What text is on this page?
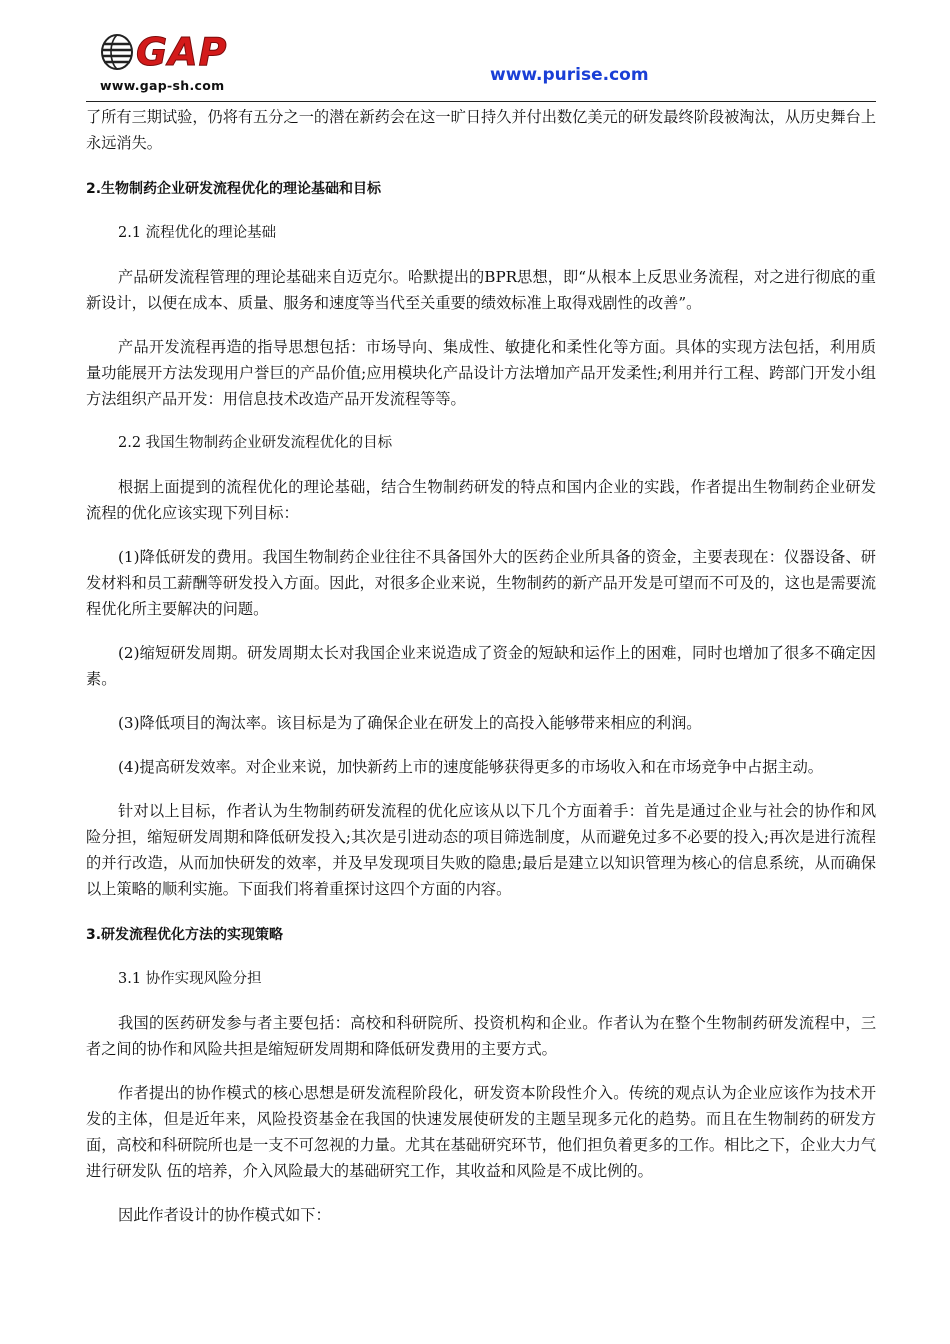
GAP
www.gap-sh.com
www.purise.com

了所有三期试验，仍将有五分之一的潜在新药会在这一旷日持久并付出数亿美元的研发最终阶段被淘汰，从历史舞台上永远消失。

2.生物制药企业研发流程优化的理论基础和目标

2.1 流程优化的理论基础

产品研发流程管理的理论基础来自迈克尔。哈默提出的BPR思想，即“从根本上反思业务流程，对之进行彻底的重新设计，以便在成本、质量、服务和速度等当代至关重要的绩效标准上取得戏剧性的改善”。

产品开发流程再造的指导思想包括：市场导向、集成性、敏捷化和柔性化等方面。具体的实现方法包括，利用质量功能展开方法发现用户誉巨的产品价值;应用模块化产品设计方法增加产品开发柔性;利用并行工程、跨部门开发小组方法组织产品开发：用信息技术改造产品开发流程等等。

2.2 我国生物制药企业研发流程优化的目标

根据上面提到的流程优化的理论基础，结合生物制药研发的特点和国内企业的实践，作者提出生物制药企业研发流程的优化应该实现下列目标：

(1)降低研发的费用。我国生物制药企业往往不具备国外大的医药企业所具备的资金，主要表现在：仪器设备、研发材料和员工薪酬等研发投入方面。因此，对很多企业来说，生物制药的新产品开发是可望而不可及的，这也是需要流程优化所主要解决的问题。

(2)缩短研发周期。研发周期太长对我国企业来说造成了资金的短缺和运作上的困难，同时也增加了很多不确定因素。

(3)降低项目的淘汰率。该目标是为了确保企业在研发上的高投入能够带来相应的利润。

(4)提高研发效率。对企业来说，加快新药上市的速度能够获得更多的市场收入和在市场竞争中占据主动。

针对以上目标，作者认为生物制药研发流程的优化应该从以下几个方面着手：首先是通过企业与社会的协作和风险分担，缩短研发周期和降低研发投入;其次是引进动态的项目筛选制度，从而避免过多不必要的投入;再次是进行流程的并行改造，从而加快研发的效率，并及早发现项目失败的隐患;最后是建立以知识管理为核心的信息系统，从而确保以上策略的顺利实施。下面我们将着重探讨这四个方面的内容。

3.研发流程优化方法的实现策略

3.1 协作实现风险分担

我国的医药研发参与者主要包括：高校和科研院所、投资机构和企业。作者认为在整个生物制药研发流程中，三者之间的协作和风险共担是缩短研发周期和降低研发费用的主要方式。

作者提出的协作模式的核心思想是研发流程阶段化，研发资本阶段性介入。传统的观点认为企业应该作为技术开发的主体，但是近年来，风险投资基金在我国的快速发展使研发的主题呈现多元化的趋势。而且在生物制药的研发方面，高校和科研院所也是一支不可忽视的力量。尤其在基础研究环节，他们担负着更多的工作。相比之下，企业大力气进行研发队 伍的培养，介入风险最大的基础研究工作，其收益和风险是不成比例的。

因此作者设计的协作模式如下：
